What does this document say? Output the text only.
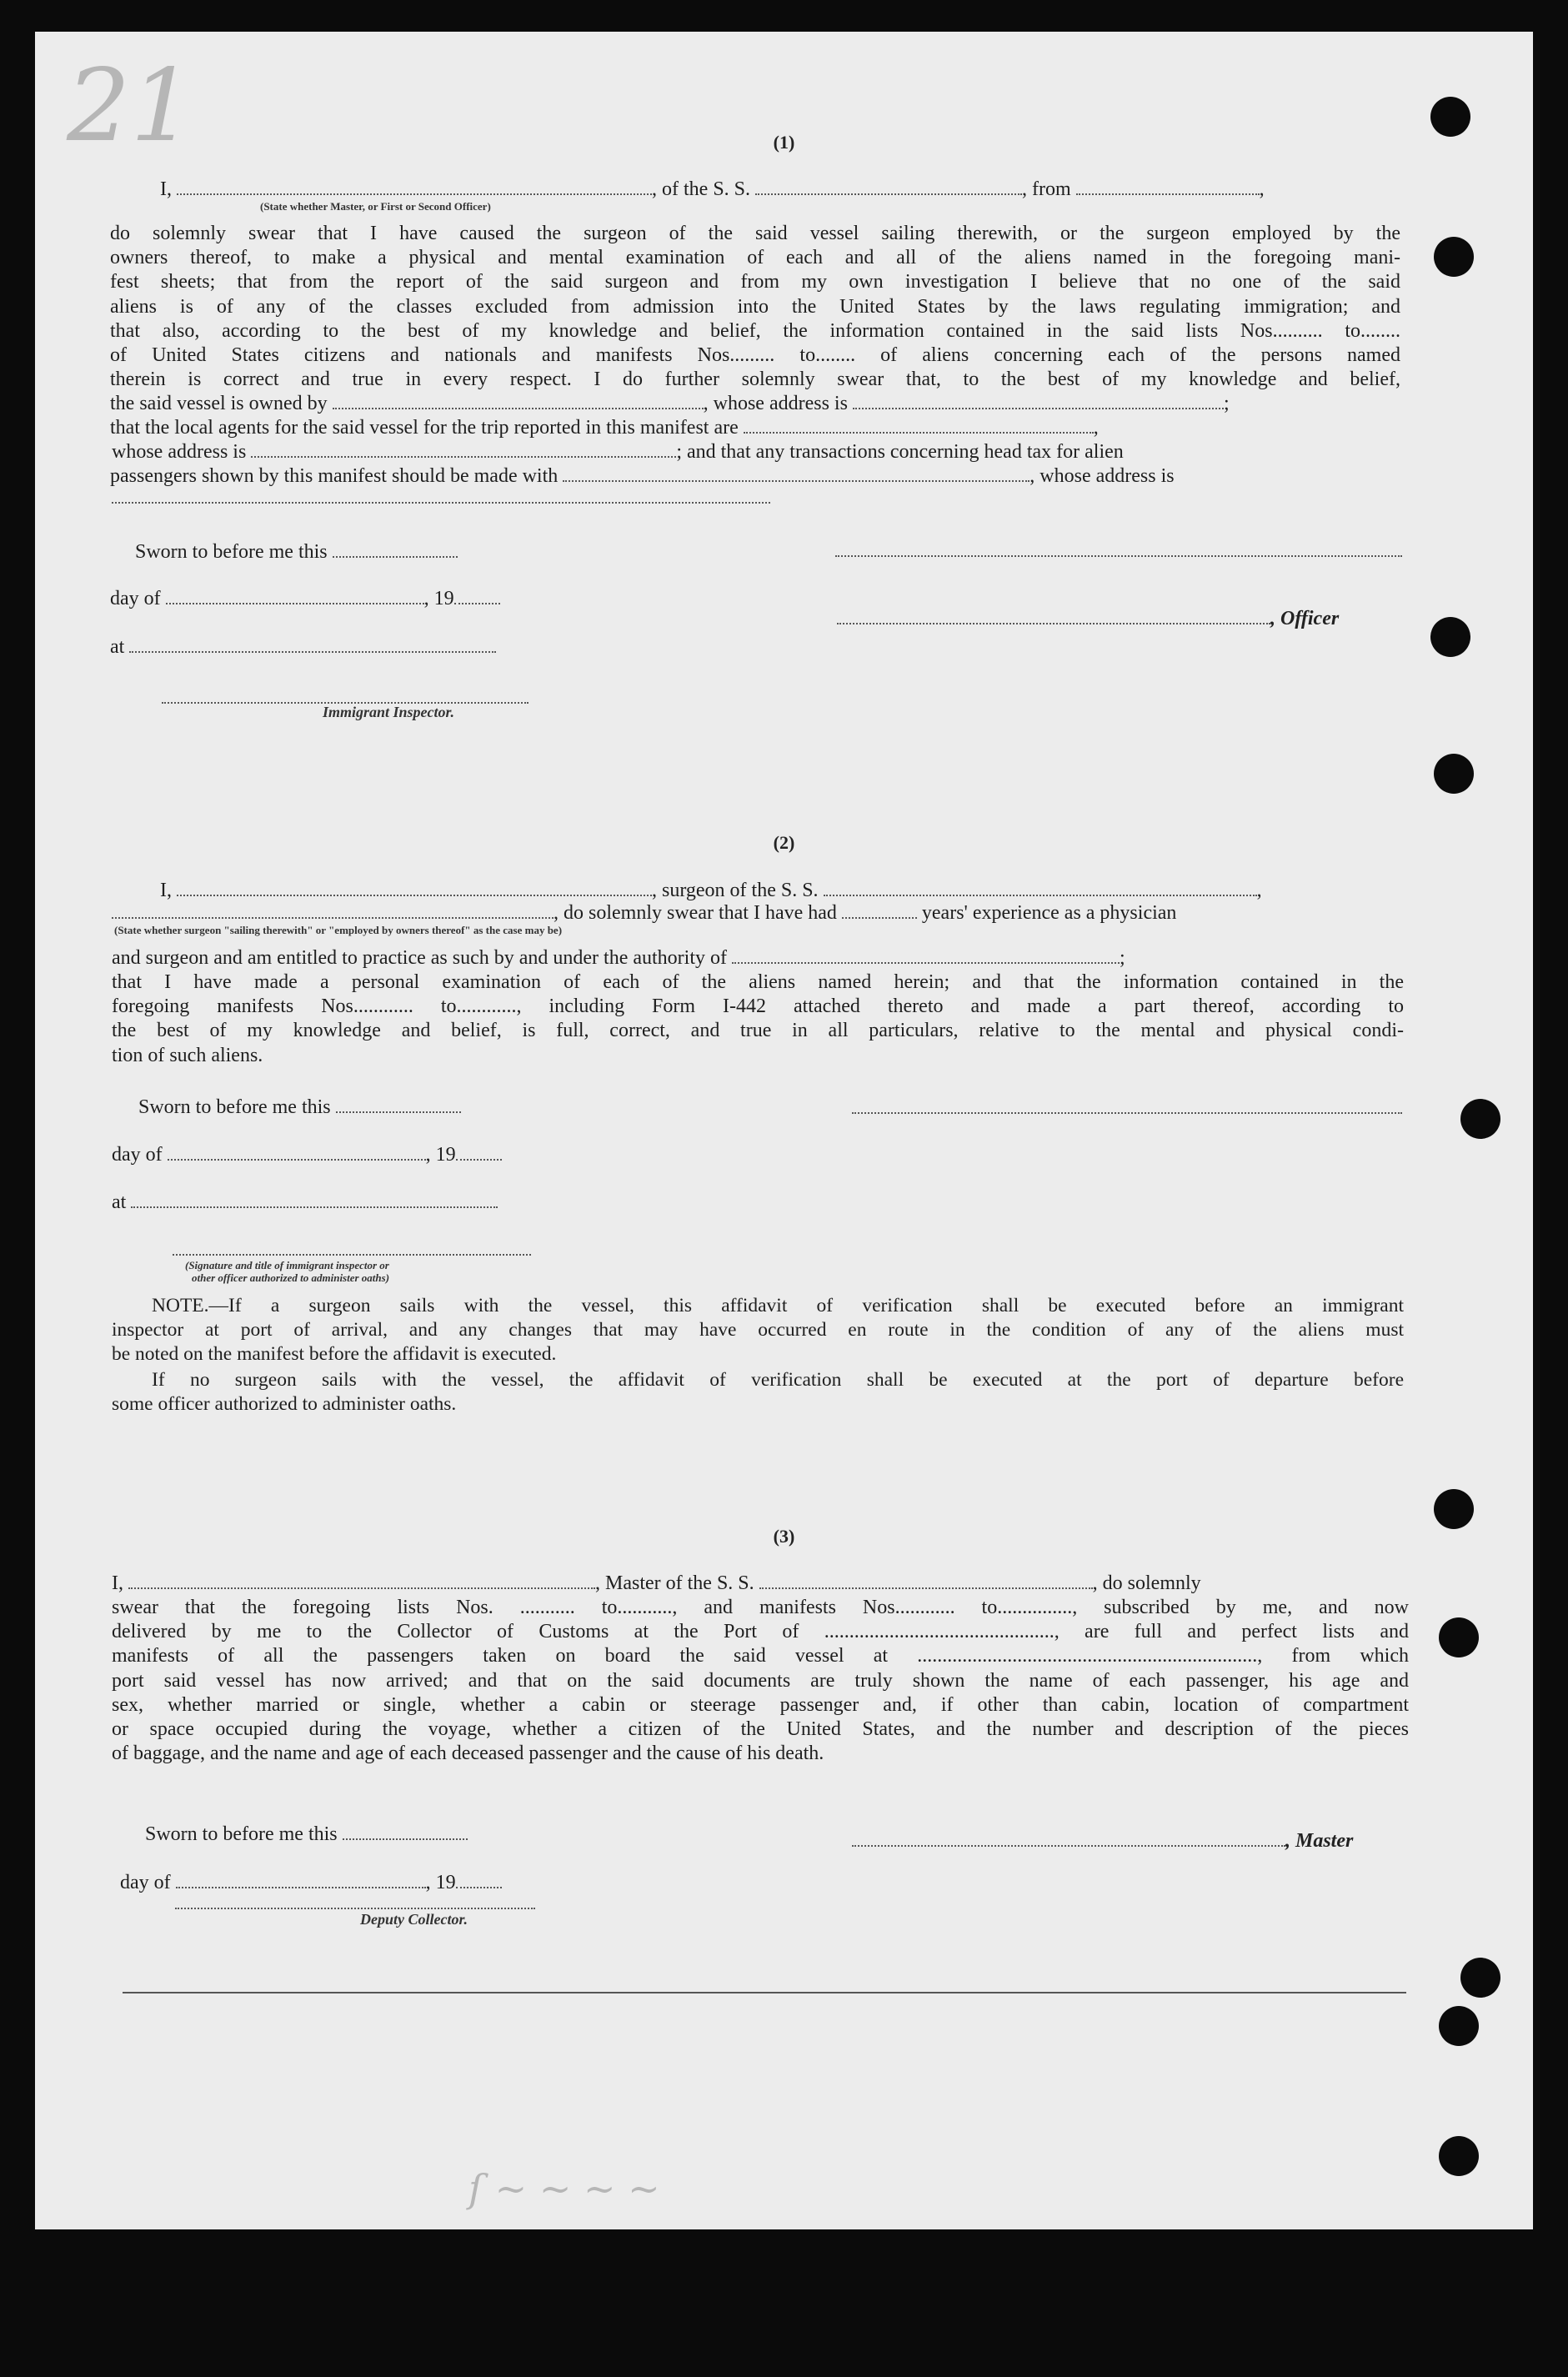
21
ſ ~ ~ ~ ~
(1)
I,	, of the S. S.	, from	,
(State whether Master, or First or Second Officer)
do solemnly swear that I have caused the surgeon of the said vessel sailing therewith, or the surgeon employed by the
owners thereof, to make a physical and mental examination of each and all of the aliens named in the foregoing mani-
fest sheets; that from the report of the said surgeon and from my own investigation I believe that no one of the said
aliens is of any of the classes excluded from admission into the United States by the laws regulating immigration; and
that also, according to the best of my knowledge and belief, the information contained in the said lists Nos.......... to........
of United States citizens and nationals and manifests Nos......... to........ of aliens concerning each of the persons named
therein is correct and true in every respect. I do further solemnly swear that, to the best of my knowledge and belief,
the said vessel is owned by	, whose address is	;
that the local agents for the said vessel for the trip reported in this manifest are	,
whose address is	; and that any transactions concerning head tax for alien
passengers shown by this manifest should be made with	, whose address is
Sworn to before me this
day of	, 19
, Officer
at
Immigrant Inspector.
(2)
I,	, surgeon of the S. S.	,
, do solemnly swear that I have had	years' experience as a physician
(State whether surgeon "sailing therewith" or "employed by owners thereof" as the case may be)
and surgeon and am entitled to practice as such by and under the authority of	;
that I have made a personal examination of each of the aliens named herein; and that the information contained in the
foregoing manifests Nos............ to............, including Form I-442 attached thereto and made a part thereof, according to
the best of my knowledge and belief, is full, correct, and true in all particulars, relative to the mental and physical condi-
tion of such aliens.
Sworn to before me this
day of	, 19
at
(Signature and title of immigrant inspector or
other officer authorized to administer oaths)
NOTE.—If a surgeon sails with the vessel, this affidavit of verification shall be executed before an immigrant
inspector at port of arrival, and any changes that may have occurred en route in the condition of any of the aliens must
be noted on the manifest before the affidavit is executed.
If no surgeon sails with the vessel, the affidavit of verification shall be executed at the port of departure before
some officer authorized to administer oaths.
(3)
I,	, Master of the S. S.	, do solemnly
swear that the foregoing lists Nos. ........... to..........., and manifests Nos............ to..............., subscribed by me, and now
delivered by me to the Collector of Customs at the Port of .............................................., are full and perfect lists and
manifests of all the passengers taken on board the said vessel at ...................................................................., from which
port said vessel has now arrived; and that on the said documents are truly shown the name of each passenger, his age and
sex, whether married or single, whether a cabin or steerage passenger and, if other than cabin, location of compartment
or space occupied during the voyage, whether a citizen of the United States, and the number and description of the pieces
of baggage, and the name and age of each deceased passenger and the cause of his death.
Sworn to before me this	, Master
day of	, 19
Deputy Collector.
